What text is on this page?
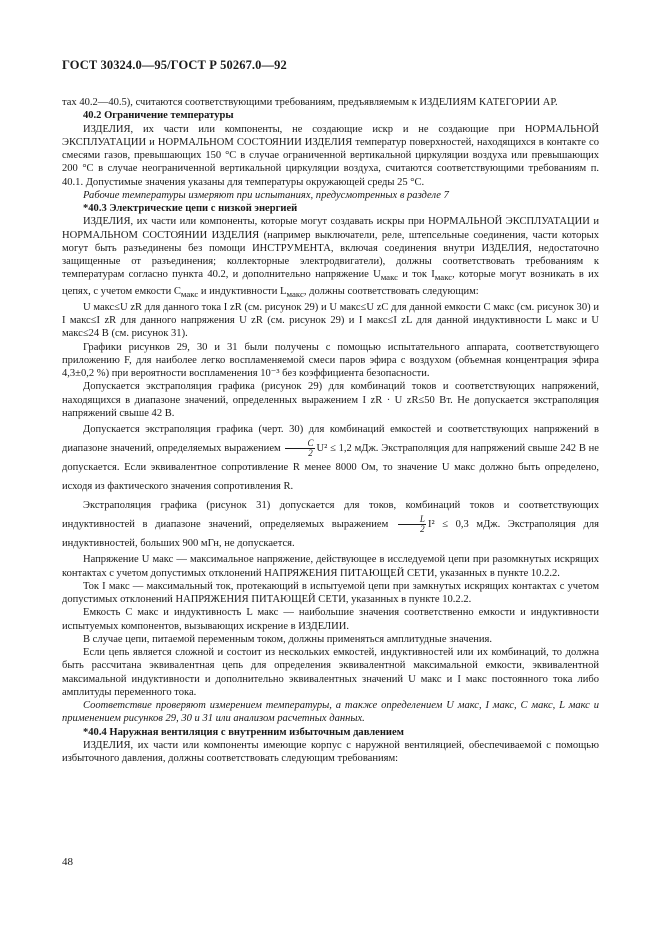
ГОСТ 30324.0—95/ГОСТ Р 50267.0—92

тах 40.2—40.5), считаются соответствующими требованиям, предъявляемым к ИЗДЕЛИЯМ КАТЕГОРИИ АР.

40.2 Ограничение температуры

ИЗДЕЛИЯ, их части или компоненты, не создающие искр и не создающие при НОРМАЛЬНОЙ ЭКСПЛУАТАЦИИ и НОРМАЛЬНОМ СОСТОЯНИИ ИЗДЕЛИЯ температур поверхностей, находящихся в контакте со смесями газов, превышающих 150 °С в случае ограниченной вертикальной циркуляции воздуха или превышающих 200 °С в случае неограниченной вертикальной циркуляции воздуха, считаются соответствующими требованиям п. 40.1. Допустимые значения указаны для температуры окружающей среды 25 °С.

Рабочие температуры измеряют при испытаниях, предусмотренных в разделе 7

*40.3 Электрические цепи с низкой энергией

ИЗДЕЛИЯ, их части или компоненты, которые могут создавать искры при НОРМАЛЬНОЙ ЭКСПЛУАТАЦИИ и НОРМАЛЬНОМ СОСТОЯНИИ ИЗДЕЛИЯ (например выключатели, реле, штепсельные соединения, части которых могут быть разъединены без помощи ИНСТРУМЕНТА, включая соединения внутри ИЗДЕЛИЯ, недостаточно защищенные от разъединения; коллекторные электродвигатели), должны соответствовать требованиям к температурам согласно пункта 40.2, и дополнительно напряжение $U_{макс}$ и ток $I_{макс}$, которые могут возникать в их цепях, с учетом емкости $C_{макс}$ и индуктивности $L_{макс}$, должны соответствовать следующим:

U макс≤U zR для данного тока I zR (см. рисунок 29) и U макс≤U zC для данной емкости C макс (см. рисунок 30) и I макс≤I zR для данного напряжения U zR (см. рисунок 29) и I макс≤I zL для данной индуктивности L макс и U макс≤24 В (см. рисунок 31).

Графики рисунков 29, 30 и 31 были получены с помощью испытательного аппарата, соответствующего приложению F, для наиболее легко воспламеняемой смеси паров эфира с воздухом (объемная концентрация эфира 4,3±0,2 %) при вероятности воспламенения 10⁻³ без коэффициента безопасности.

Допускается экстраполяция графика (рисунок 29) для комбинаций токов и соответствующих напряжений, находящихся в диапазоне значений, определенных выражением I zR · U zR≤50 Вт. Не допускается экстраполяция напряжений свыше 42 В.

Допускается экстраполяция графика (черт. 30) для комбинаций емкостей и соответствующих напряжений в диапазоне значений, определяемых выражением $\frac{C}{2} U^2 \le 1,2$ мДж. Экстраполяция для напряжений свыше 242 В не допускается. Если эквивалентное сопротивление R менее 8000 Ом, то значение U макс должно быть определено, исходя из фактического значения сопротивления R.

Экстраполяция графика (рисунок 31) допускается для токов, комбинаций токов и соответствующих индуктивностей в диапазоне значений, определяемых выражением $\frac{L}{2} I^2 \le 0,3$ мДж. Экстраполяция для индуктивностей, больших 900 мГн, не допускается.

Напряжение U макс — максимальное напряжение, действующее в исследуемой цепи при разомкнутых искрящих контактах с учетом допустимых отклонений НАПРЯЖЕНИЯ ПИТАЮЩЕЙ СЕТИ, указанных в пункте 10.2.2.

Ток I макс — максимальный ток, протекающий в испытуемой цепи при замкнутых искрящих контактах с учетом допустимых отклонений НАПРЯЖЕНИЯ ПИТАЮЩЕЙ СЕТИ, указанных в пункте 10.2.2.

Емкость C макс и индуктивность L макс — наибольшие значения соответственно емкости и индуктивности испытуемых компонентов, вызывающих искрение в ИЗДЕЛИИ.

В случае цепи, питаемой переменным током, должны применяться амплитудные значения.

Если цепь является сложной и состоит из нескольких емкостей, индуктивностей или их комбинаций, то должна быть рассчитана эквивалентная цепь для определения эквивалентной максимальной емкости, эквивалентной максимальной индуктивности и дополнительно эквивалентных значений U макс и I макс постоянного тока либо амплитуды переменного тока.

Соответствие проверяют измерением температуры, а также определением U макс, I макс, C макс, L макс и применением рисунков 29, 30 и 31 или анализом расчетных данных.

*40.4 Наружная вентиляция с внутренним избыточным давлением

ИЗДЕЛИЯ, их части или компоненты имеющие корпус с наружной вентиляцией, обеспечиваемой с помощью избыточного давления, должны соответствовать следующим требованиям:

48
